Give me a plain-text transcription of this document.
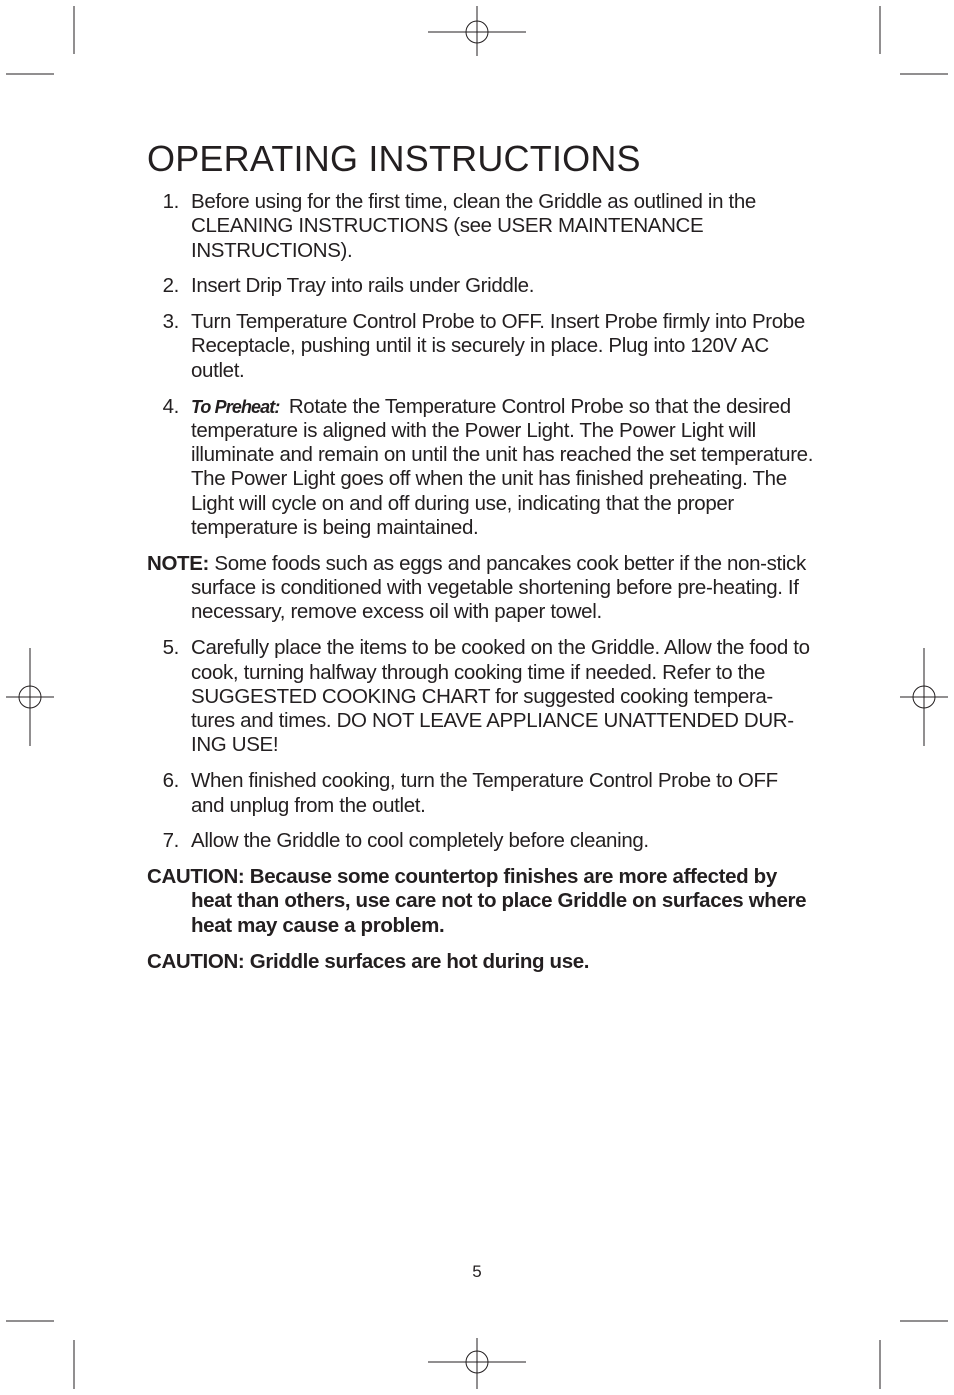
OPERATING INSTRUCTIONS
1. Before using for the first time, clean the Griddle as outlined in the CLEANING INSTRUCTIONS (see USER MAINTENANCE INSTRUCTIONS).
2. Insert Drip Tray into rails under Griddle.
3. Turn Temperature Control Probe to OFF. Insert Probe firmly into Probe Receptacle, pushing until it is securely in place. Plug into 120V AC outlet.
4. To Preheat: Rotate the Temperature Control Probe so that the desired temperature is aligned with the Power Light. The Power Light will illuminate and remain on until the unit has reached the set temperature. The Power Light goes off when the unit has finished preheating. The Light will cycle on and off during use, indicating that the proper temperature is being maintained.
NOTE: Some foods such as eggs and pancakes cook better if the non-stick surface is conditioned with vegetable shortening before pre-heating. If necessary, remove excess oil with paper towel.
5. Carefully place the items to be cooked on the Griddle. Allow the food to cook, turning halfway through cooking time if needed. Refer to the SUGGESTED COOKING CHART for suggested cooking tempera-tures and times. DO NOT LEAVE APPLIANCE UNATTENDED DUR-ING USE!
6. When finished cooking, turn the Temperature Control Probe to OFF and unplug from the outlet.
7. Allow the Griddle to cool completely before cleaning.
CAUTION: Because some countertop finishes are more affected by heat than others, use care not to place Griddle on surfaces where heat may cause a problem.
CAUTION: Griddle surfaces are hot during use.
5
